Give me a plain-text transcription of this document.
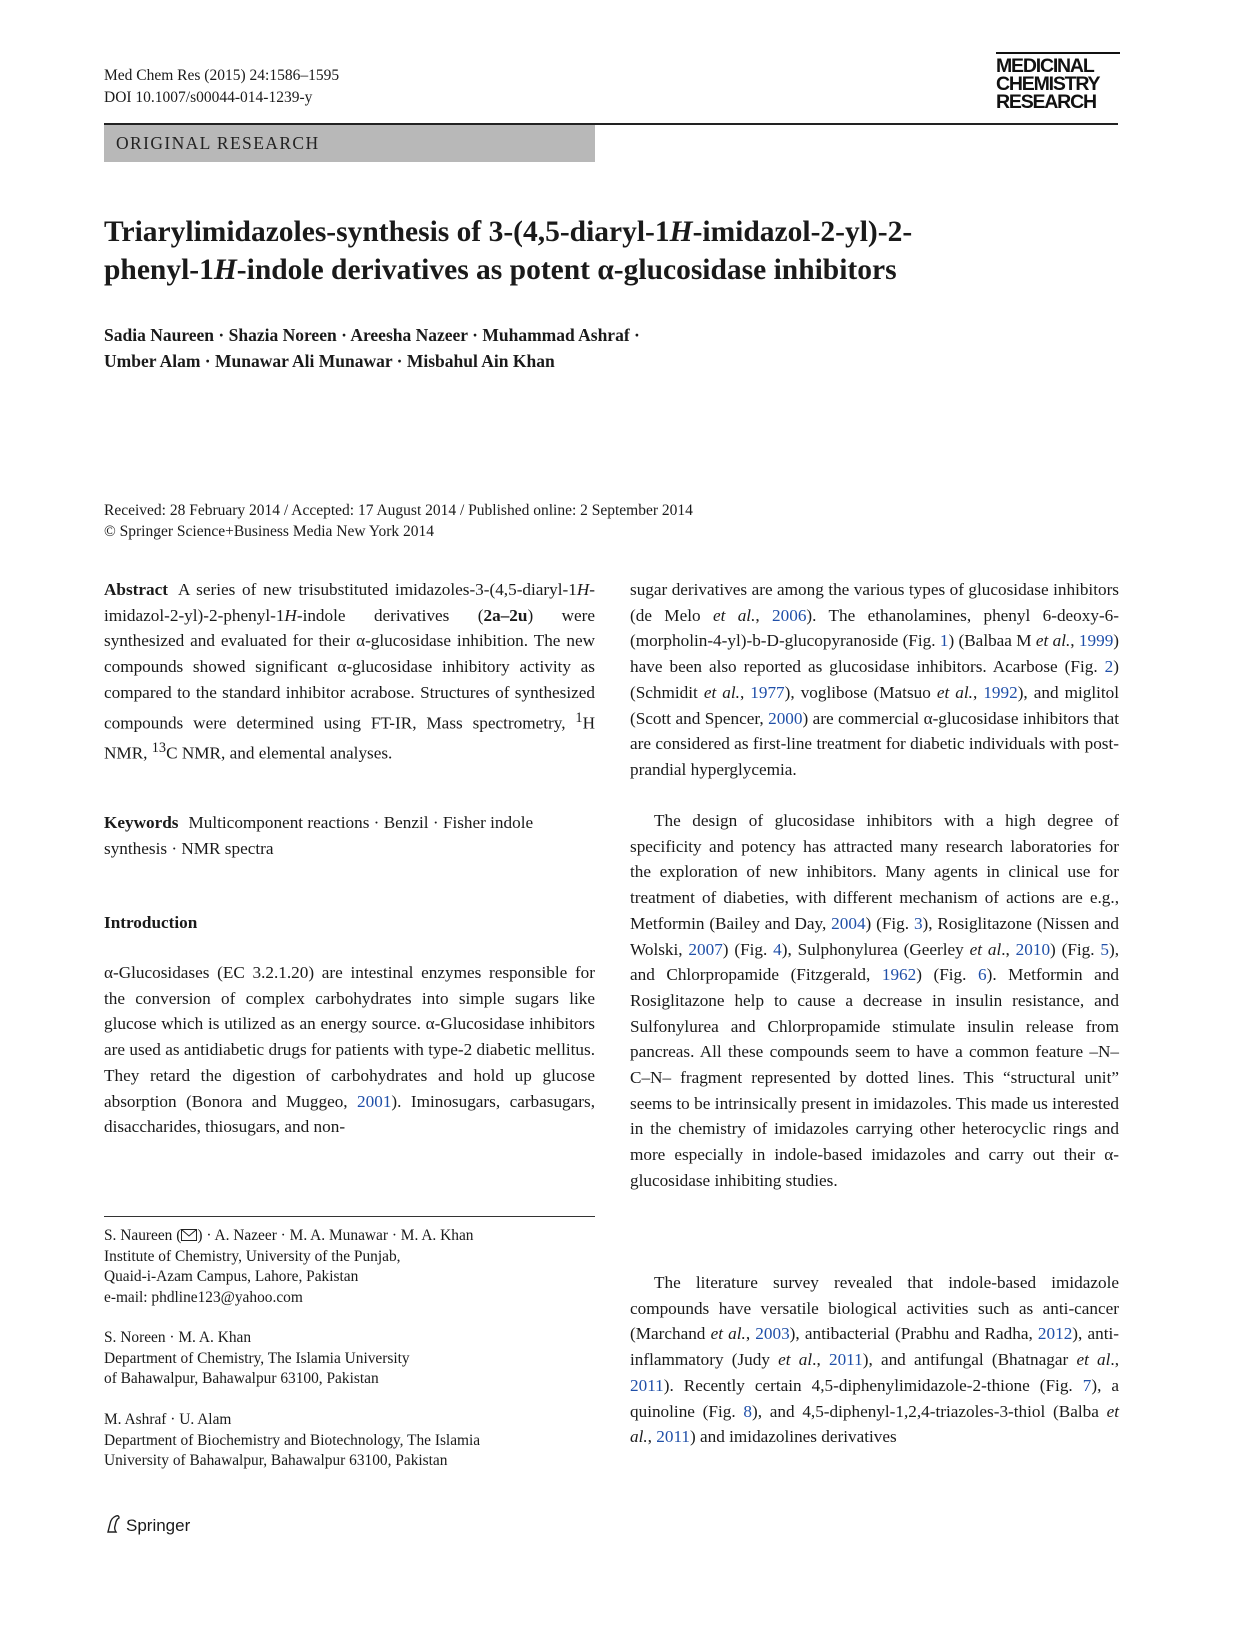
Med Chem Res (2015) 24:1586–1595
DOI 10.1007/s00044-014-1239-y
MEDICINAL
CHEMISTRY
RESEARCH
ORIGINAL RESEARCH
Triarylimidazoles-synthesis of 3-(4,5-diaryl-1H-imidazol-2-yl)-2-
phenyl-1H-indole derivatives as potent α-glucosidase inhibitors
Sadia Naureen · Shazia Noreen · Areesha Nazeer · Muhammad Ashraf ·
Umber Alam · Munawar Ali Munawar · Misbahul Ain Khan
Received: 28 February 2014 / Accepted: 17 August 2014 / Published online: 2 September 2014
© Springer Science+Business Media New York 2014
Abstract A series of new trisubstituted imidazoles-3-(4,5-diaryl-1H-imidazol-2-yl)-2-phenyl-1H-indole derivatives (2a–2u) were synthesized and evaluated for their α-glucosidase inhibition. The new compounds showed significant α-glucosidase inhibitory activity as compared to the standard inhibitor acrabose. Structures of synthesized compounds were determined using FT-IR, Mass spectrometry, $^1$H NMR, $^{13}$C NMR, and elemental analyses.
Keywords Multicomponent reactions · Benzil · Fisher indole synthesis · NMR spectra
Introduction
α-Glucosidases (EC 3.2.1.20) are intestinal enzymes responsible for the conversion of complex carbohydrates into simple sugars like glucose which is utilized as an energy source. α-Glucosidase inhibitors are used as antidiabetic drugs for patients with type-2 diabetic mellitus. They retard the digestion of carbohydrates and hold up glucose absorption (Bonora and Muggeo, 2001). Iminosugars, carbasugars, disaccharides, thiosugars, and non-
S. Naureen ( ) · A. Nazeer · M. A. Munawar · M. A. Khan
Institute of Chemistry, University of the Punjab,
Quaid-i-Azam Campus, Lahore, Pakistan
e-mail: phdline123@yahoo.com
S. Noreen · M. A. Khan
Department of Chemistry, The Islamia University
of Bahawalpur, Bahawalpur 63100, Pakistan
M. Ashraf · U. Alam
Department of Biochemistry and Biotechnology, The Islamia
University of Bahawalpur, Bahawalpur 63100, Pakistan
Springer
sugar derivatives are among the various types of glucosidase inhibitors (de Melo et al., 2006). The ethanolamines, phenyl 6-deoxy-6-(morpholin-4-yl)-b-D-glucopyranoside (Fig. 1) (Balbaa M et al., 1999) have been also reported as glucosidase inhibitors. Acarbose (Fig. 2) (Schmidit et al., 1977), voglibose (Matsuo et al., 1992), and miglitol (Scott and Spencer, 2000) are commercial α-glucosidase inhibitors that are considered as first-line treatment for diabetic individuals with post-prandial hyperglycemia.
The design of glucosidase inhibitors with a high degree of specificity and potency has attracted many research laboratories for the exploration of new inhibitors. Many agents in clinical use for treatment of diabeties, with different mechanism of actions are e.g., Metformin (Bailey and Day, 2004) (Fig. 3), Rosiglitazone (Nissen and Wolski, 2007) (Fig. 4), Sulphonylurea (Geerley et al., 2010) (Fig. 5), and Chlorpropamide (Fitzgerald, 1962) (Fig. 6). Metformin and Rosiglitazone help to cause a decrease in insulin resistance, and Sulfonylurea and Chlorpropamide stimulate insulin release from pancreas. All these compounds seem to have a common feature –N–C–N– fragment represented by dotted lines. This “structural unit” seems to be intrinsically present in imidazoles. This made us interested in the chemistry of imidazoles carrying other heterocyclic rings and more especially in indole-based imidazoles and carry out their α-glucosidase inhibiting studies.
The literature survey revealed that indole-based imidazole compounds have versatile biological activities such as anti-cancer (Marchand et al., 2003), antibacterial (Prabhu and Radha, 2012), anti-inflammatory (Judy et al., 2011), and antifungal (Bhatnagar et al., 2011). Recently certain 4,5-diphenylimidazole-2-thione (Fig. 7), a quinoline (Fig. 8), and 4,5-diphenyl-1,2,4-triazoles-3-thiol (Balba et al., 2011) and imidazolines derivatives
